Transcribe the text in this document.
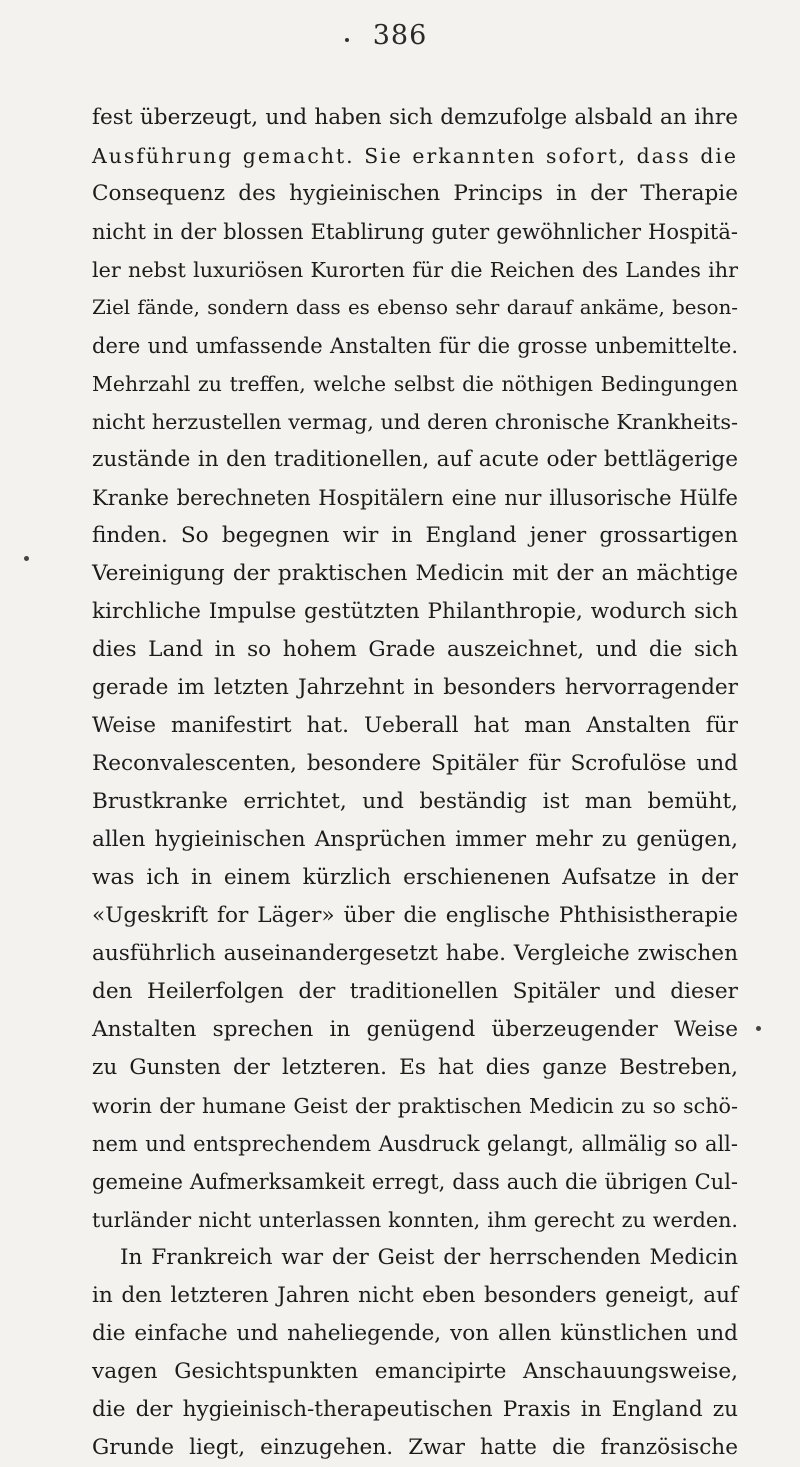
386
fest überzeugt, und haben sich demzufolge alsbald an ihre
Ausführung gemacht. Sie erkannten sofort, dass die
Consequenz des hygieinischen Princips in der Therapie
nicht in der blossen Etablirung guter gewöhnlicher Hospitä-
ler nebst luxuriösen Kurorten für die Reichen des Landes ihr
Ziel fände, sondern dass es ebenso sehr darauf ankäme, beson-
dere und umfassende Anstalten für die grosse unbemittelte.
Mehrzahl zu treffen, welche selbst die nöthigen Bedingungen
nicht herzustellen vermag, und deren chronische Krankheits-
zustände in den traditionellen, auf acute oder bettlägerige
Kranke berechneten Hospitälern eine nur illusorische Hülfe
finden. So begegnen wir in England jener grossartigen
Vereinigung der praktischen Medicin mit der an mächtige
kirchliche Impulse gestützten Philanthropie, wodurch sich
dies Land in so hohem Grade auszeichnet, und die sich
gerade im letzten Jahrzehnt in besonders hervorragender
Weise manifestirt hat. Ueberall hat man Anstalten für
Reconvalescenten, besondere Spitäler für Scrofulöse und
Brustkranke errichtet, und beständig ist man bemüht,
allen hygieinischen Ansprüchen immer mehr zu genügen,
was ich in einem kürzlich erschienenen Aufsatze in der
«Ugeskrift for Läger» über die englische Phthisistherapie
ausführlich auseinandergesetzt habe. Vergleiche zwischen
den Heilerfolgen der traditionellen Spitäler und dieser
Anstalten sprechen in genügend überzeugender Weise
zu Gunsten der letzteren. Es hat dies ganze Bestreben,
worin der humane Geist der praktischen Medicin zu so schö-
nem und entsprechendem Ausdruck gelangt, allmälig so all-
gemeine Aufmerksamkeit erregt, dass auch die übrigen Cul-
turländer nicht unterlassen konnten, ihm gerecht zu werden.
In Frankreich war der Geist der herrschenden Medicin
in den letzteren Jahren nicht eben besonders geneigt, auf
die einfache und naheliegende, von allen künstlichen und
vagen Gesichtspunkten emancipirte Anschauungsweise,
die der hygieinisch-therapeutischen Praxis in England zu
Grunde liegt, einzugehen. Zwar hatte die französische
